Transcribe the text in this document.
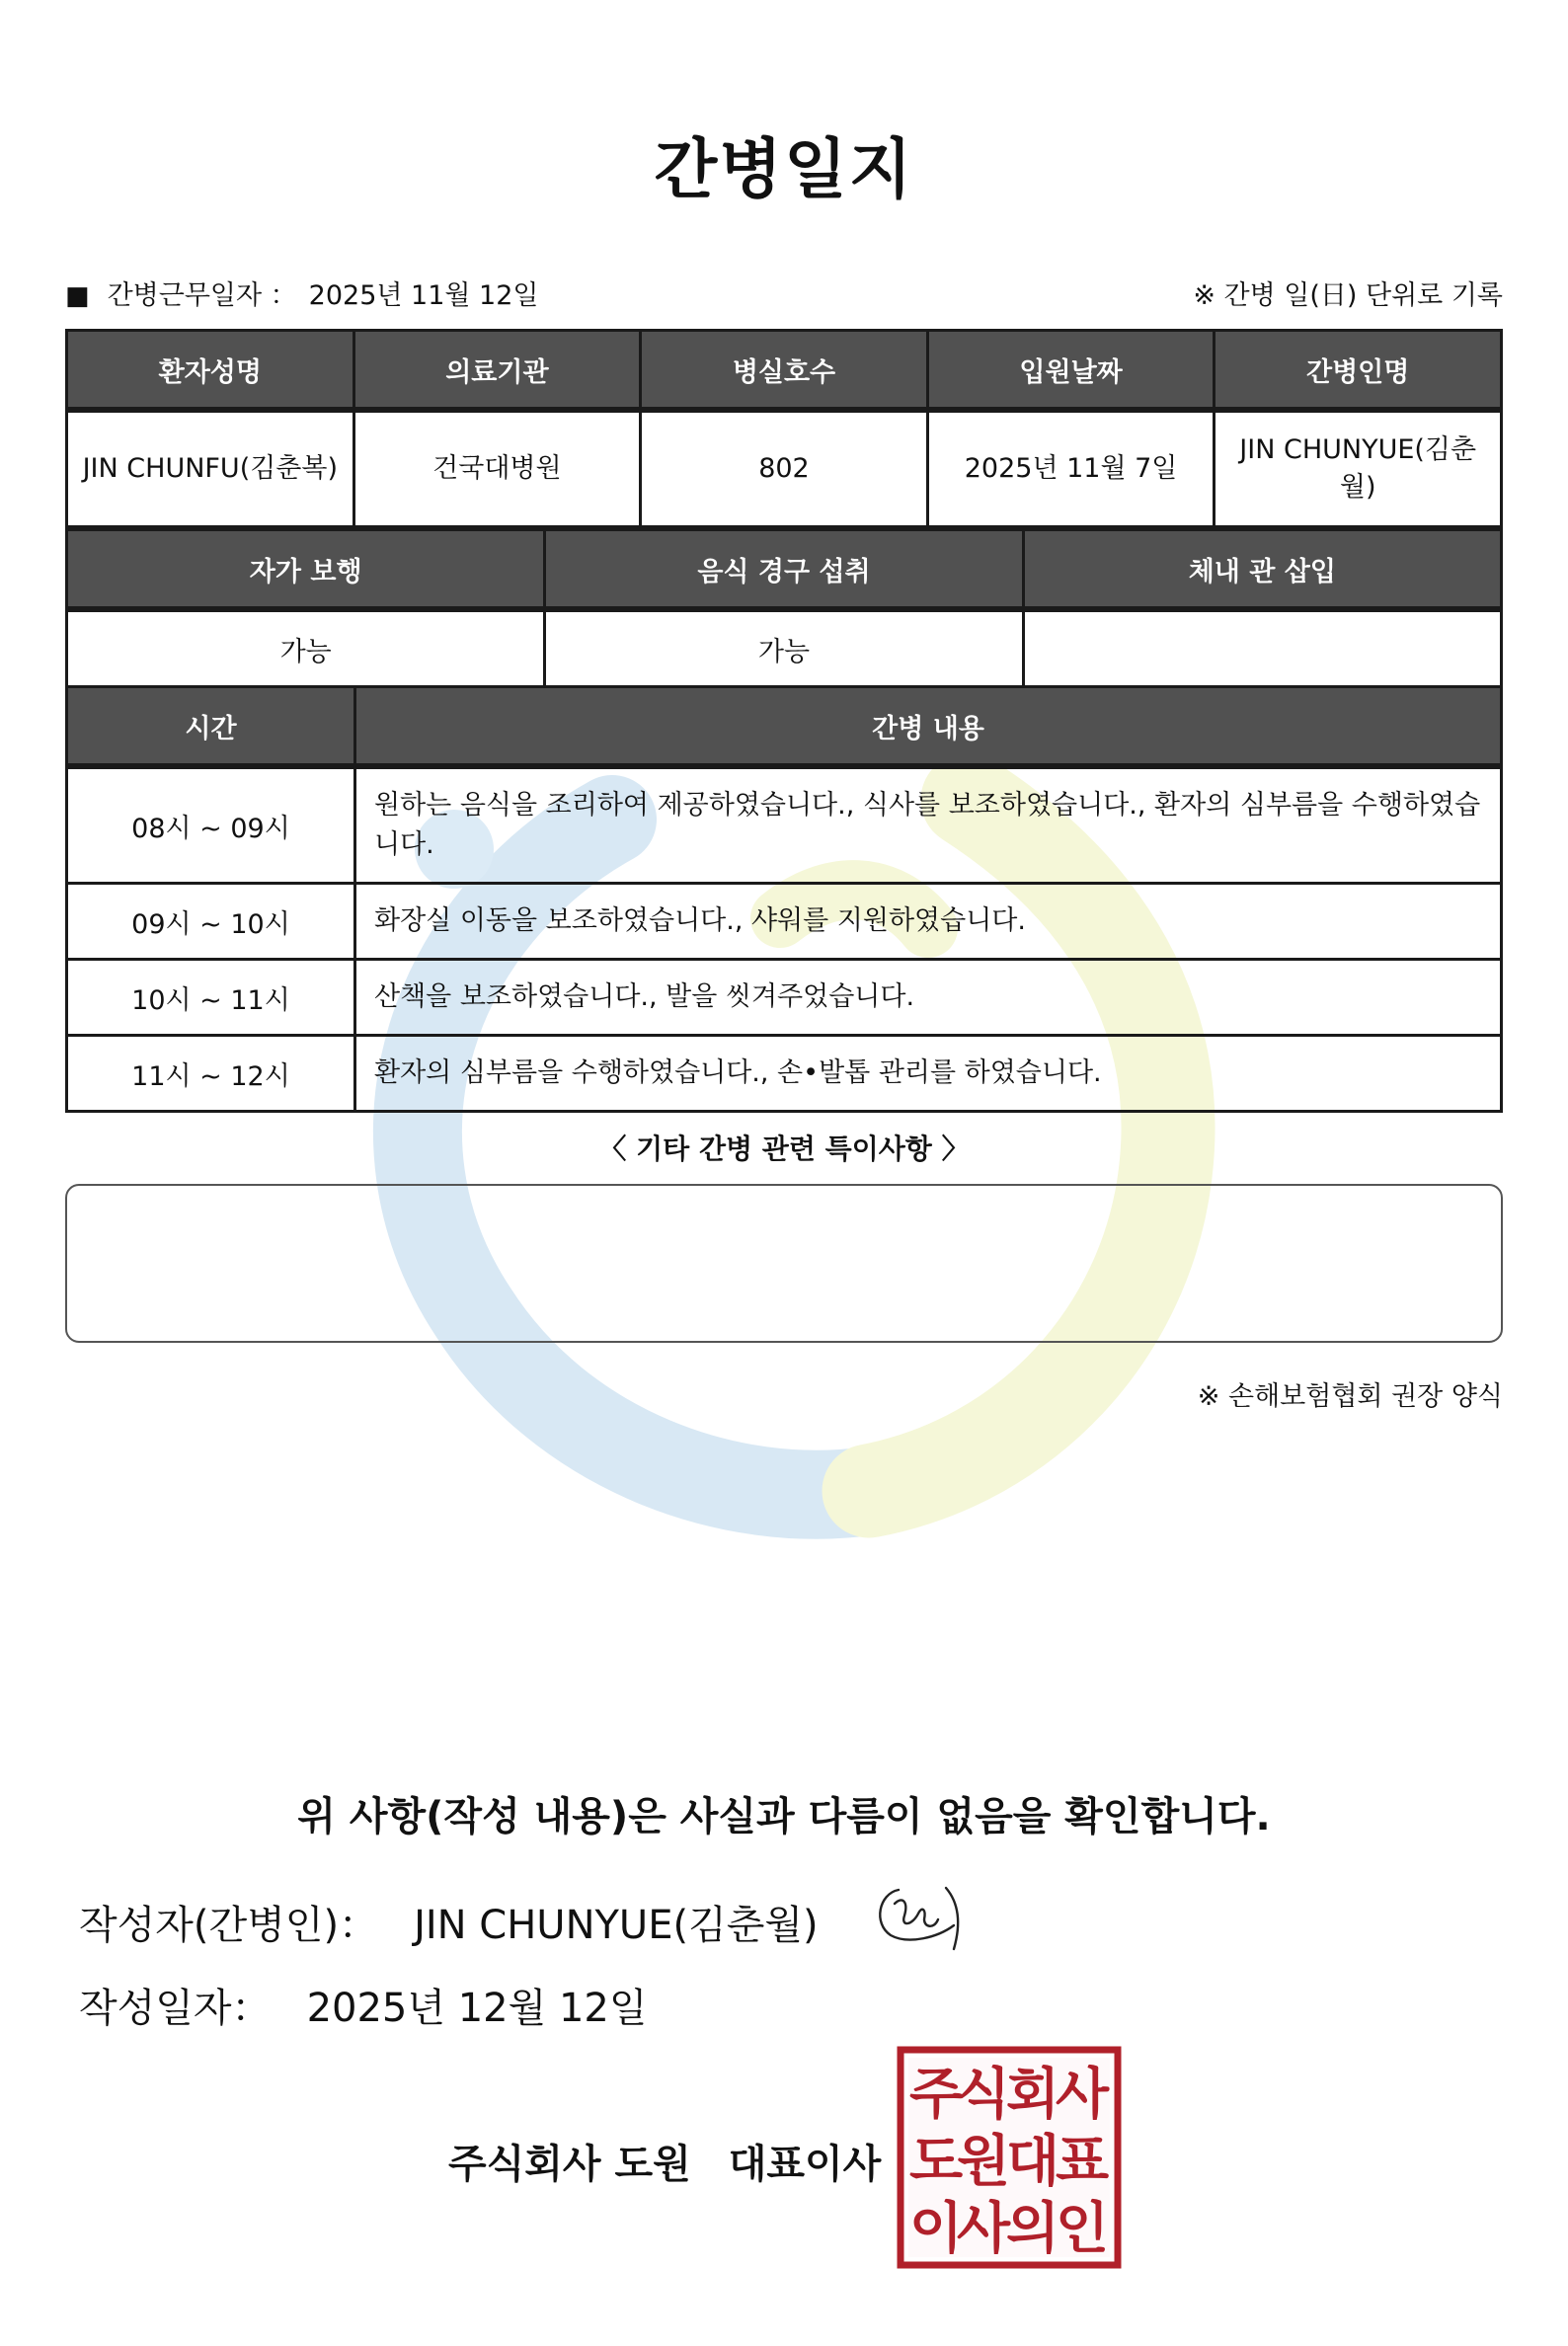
간병일지
■ 간병근무일자 ： 2025년 11월 12일	※ 간병 일(日) 단위로 기록
환자성명	의료기관	병실호수	입원날짜	간병인명
JIN CHUNFU(김춘복)	건국대병원	802	2025년 11월 7일	JIN CHUNYUE(김춘월)
자가 보행	음식 경구 섭취	체내 관 삽입
가능	가능	
시간	간병 내용
08시 ~ 09시	원하는 음식을 조리하여 제공하였습니다., 식사를 보조하였습니다., 환자의 심부름을 수행하였습니다.
09시 ~ 10시	화장실 이동을 보조하였습니다., 샤워를 지원하였습니다.
10시 ~ 11시	산책을 보조하였습니다., 발을 씻겨주었습니다.
11시 ~ 12시	환자의 심부름을 수행하였습니다., 손•발톱 관리를 하였습니다.
〈 기타 간병 관련 특이사항 〉
※ 손해보험협회 권장 양식
위 사항(작성 내용)은 사실과 다름이 없음을 확인합니다.
작성자(간병인)： JIN CHUNYUE(김춘월)
작성일자： 2025년 12월 12일
주식회사 도원 대표이사
주
식
회
사
도
원
대
표
이
사
의
인
